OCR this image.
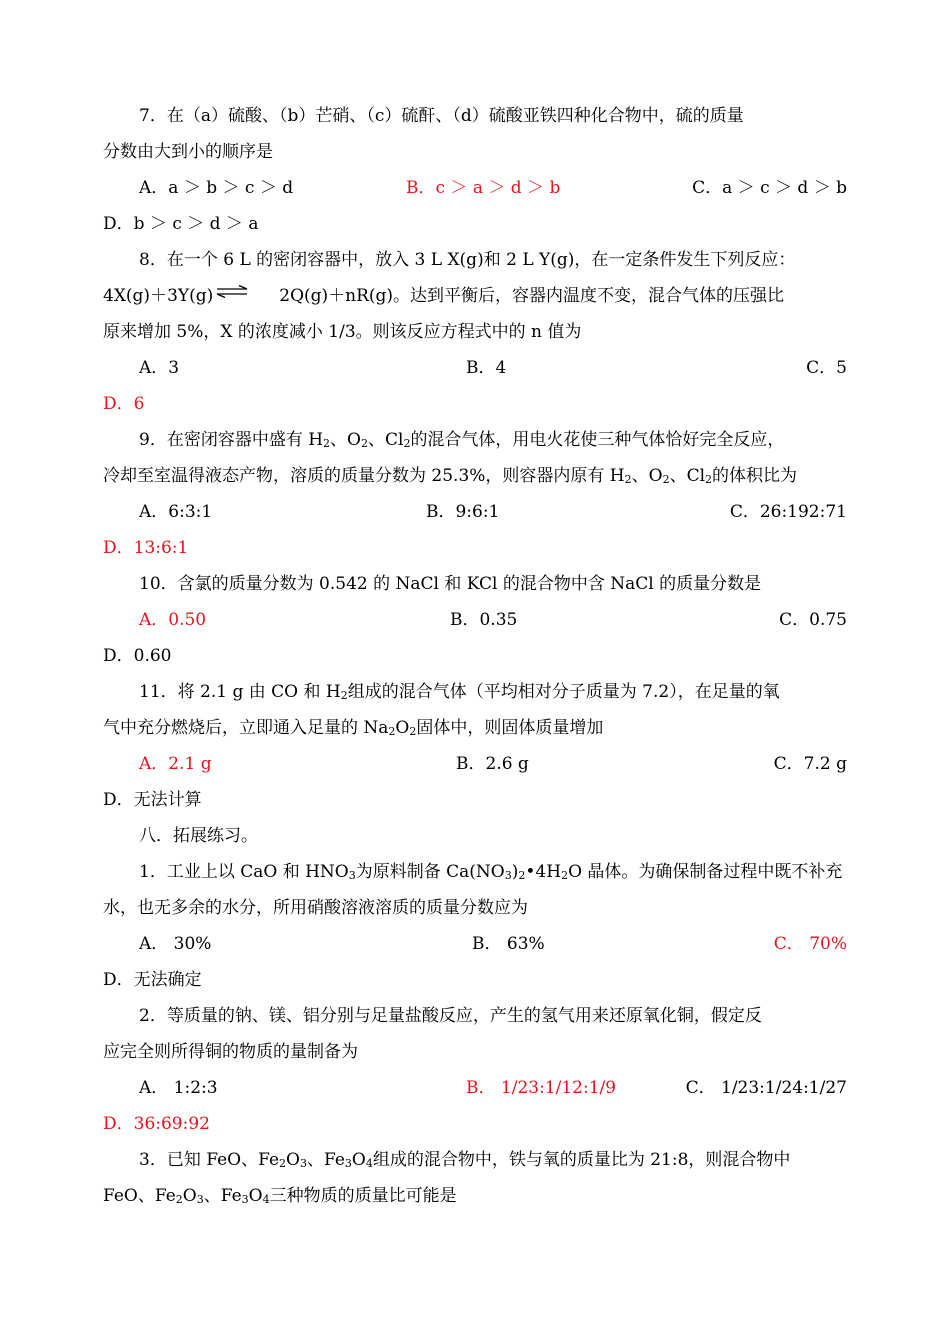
7．在（a）硫酸、（b）芒硝、（c）硫酐、（d）硫酸亚铁四种化合物中，硫的质量
分数由大到小的顺序是
A．a ＞ b ＞ c ＞ d	B．c ＞ a ＞ d ＞ b	C．a ＞ c ＞ d ＞ b
D．b ＞ c ＞ d ＞ a
8．在一个 6 L 的密闭容器中，放入 3 L X(g)和 2 L Y(g)，在一定条件发生下列反应：
4X(g)＋3Y(g) ⇌ 2Q(g)＋nR(g)。达到平衡后，容器内温度不变，混合气体的压强比
原来增加 5%，X 的浓度减小 1/3。则该反应方程式中的 n 值为
A．3	B．4	C．5
D．6
9．在密闭容器中盛有 $H_2$、$O_2$、$Cl_2$的混合气体，用电火花使三种气体恰好完全反应，
冷却至室温得液态产物，溶质的质量分数为 25.3%，则容器内原有 $H_2$、$O_2$、$Cl_2$的体积比为
A．6:3:1	B．9:6:1	C．26:192:71
D．13:6:1
10．含氯的质量分数为 0.542 的 NaCl 和 KCl 的混合物中含 NaCl 的质量分数是
A．0.50	B．0.35	C．0.75
D．0.60
11．将 2.1 g 由 CO 和 $H_2$组成的混合气体（平均相对分子质量为 7.2），在足量的氧
气中充分燃烧后，立即通入足量的 $Na_2O_2$固体中，则固体质量增加
A．2.1 g	B．2.6 g	C．7.2 g
D．无法计算
八．拓展练习。
1．工业上以 CaO 和 $HNO_3$为原料制备 $Ca(NO_3)_2•4H_2O$ 晶体。为确保制备过程中既不补充
水，也无多余的水分，所用硝酸溶液溶质的质量分数应为
A． 30%	B． 63%	C． 70%
D．无法确定
2．等质量的钠、镁、铝分别与足量盐酸反应，产生的氢气用来还原氧化铜，假定反
应完全则所得铜的物质的量制备为
A． 1:2:3	B． 1/23:1/12:1/9	C． 1/23:1/24:1/27
D．36:69:92
3．已知 FeO、$Fe_2O_3$、$Fe_3O_4$组成的混合物中，铁与氧的质量比为 21:8，则混合物中
FeO、$Fe_2O_3$、$Fe_3O_4$三种物质的质量比可能是
